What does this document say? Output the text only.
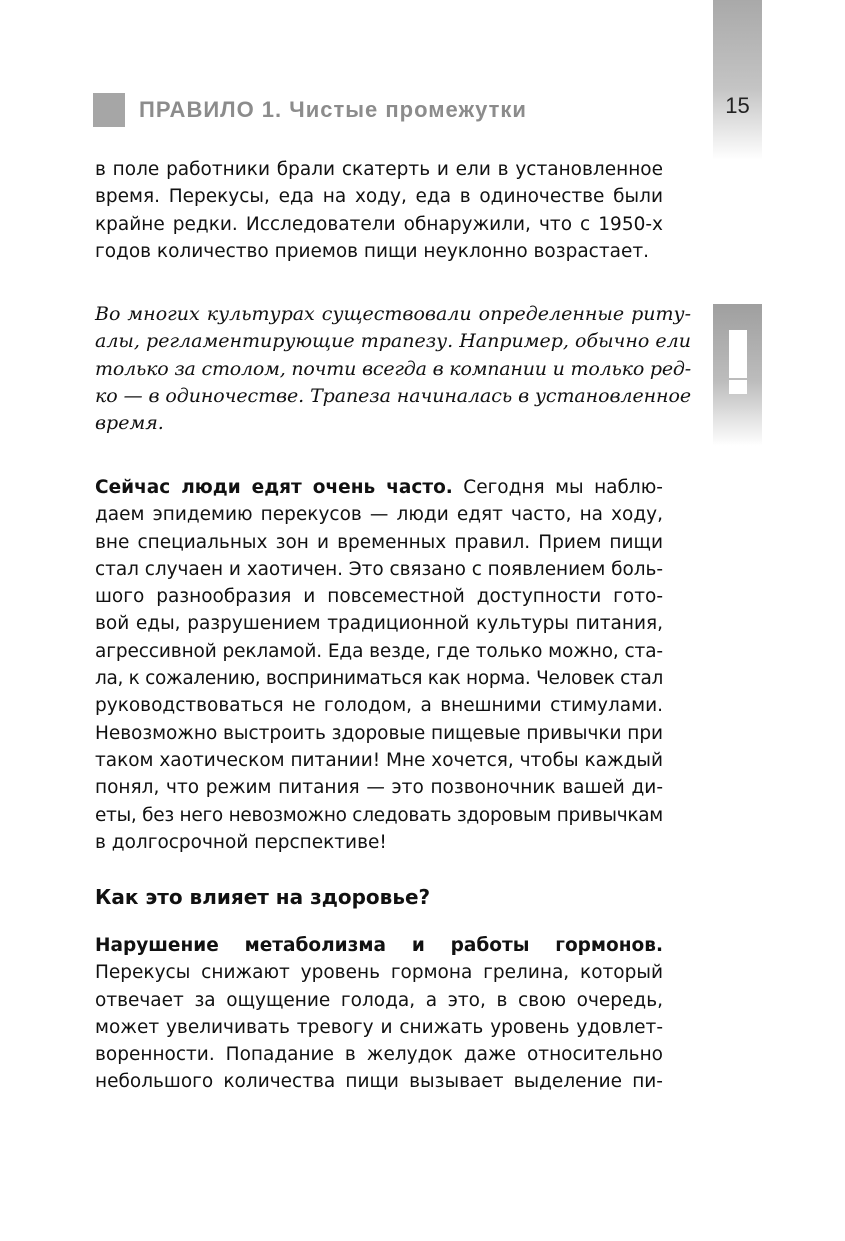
15
ПРАВИЛО 1. Чистые промежутки
в поле работники брали скатерть и ели в установленное
время. Перекусы, еда на ходу, еда в одиночестве были
крайне редки. Исследователи обнаружили, что с 1950-х
годов количество приемов пищи неуклонно возрастает.
Во многих культурах существовали определенные риту-
алы, регламентирующие трапезу. Например, обычно ели
только за столом, почти всегда в компании и только ред-
ко — в одиночестве. Трапеза начиналась в установленное
время.
Сейчас люди едят очень часто. Сегодня мы наблю-
даем эпидемию перекусов — люди едят часто, на ходу,
вне специальных зон и временных правил. Прием пищи
стал случаен и хаотичен. Это связано с появлением боль-
шого разнообразия и повсеместной доступности гото-
вой еды, разрушением традиционной культуры питания,
агрессивной рекламой. Еда везде, где только можно, ста-
ла, к сожалению, восприниматься как норма. Человек стал
руководствоваться не голодом, а внешними стимулами.
Невозможно выстроить здоровые пищевые привычки при
таком хаотическом питании! Мне хочется, чтобы каждый
понял, что режим питания — это позвоночник вашей ди-
еты, без него невозможно следовать здоровым привычкам
в долгосрочной перспективе!
Как это влияет на здоровье?
Нарушение метаболизма и работы гормонов.
Перекусы снижают уровень гормона грелина, который
отвечает за ощущение голода, а это, в свою очередь,
может увеличивать тревогу и снижать уровень удовлет-
воренности. Попадание в желудок даже относительно
небольшого количества пищи вызывает выделение пи-
